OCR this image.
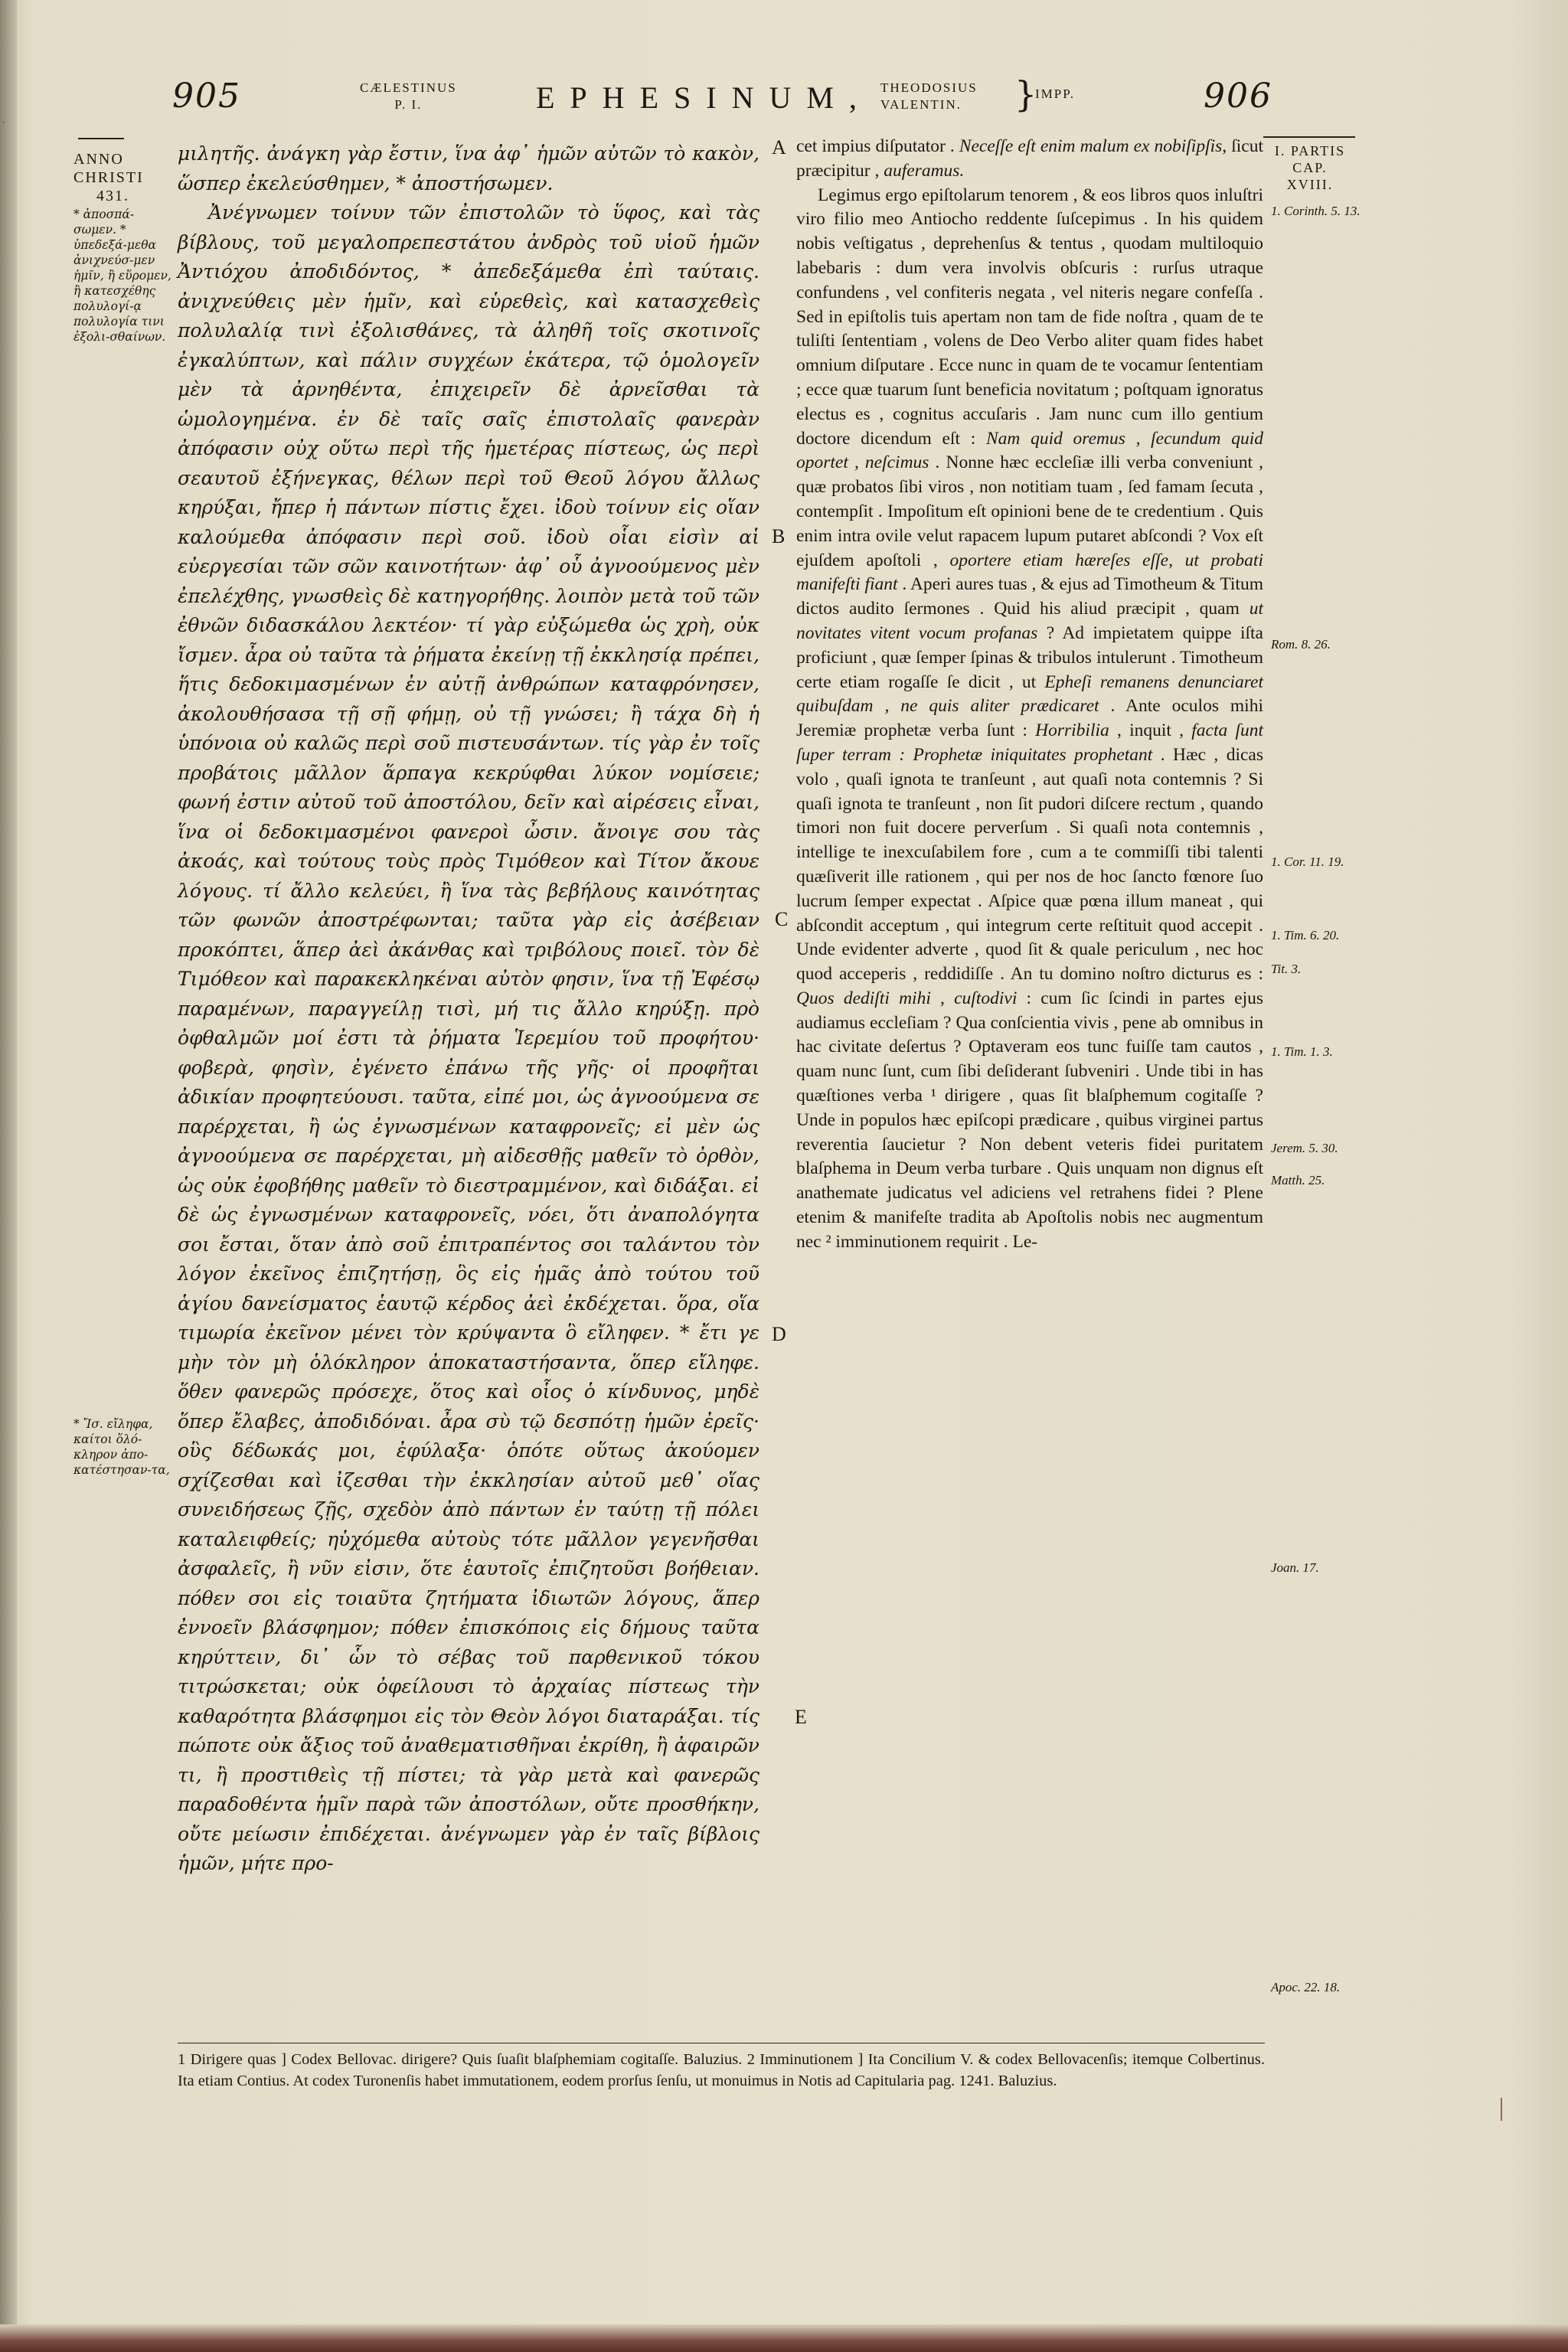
·
905	CÆLESTINUS
P. I.	EPHESINUM, THEODOSIUS
VALENTIN.	}
IMPP.	906
ANNO
CHRISTI
431.
* ἀποσπά-σωμεν. * ὑπεδεξά-μεθα ἀνιχνεύσ-μεν ἡμῖν, ἢ εὕρομεν, ἢ κατεσχέθης πολυλογί-ᾳ πολυλογία τινι ἐξολι-σθαίνων.
* Ἴσ. εἴληφα, καίτοι ὅλό-κληρον ἀπο-κατέστησαν-τα,

μιλητῆς. ἀνάγκη γὰρ ἔστιν, ἵνα ἀφ᾽ ἡμῶν αὐτῶν τὸ κακὸν, ὥσπερ ἐκελεύσθημεν, * ἀποστήσωμεν.

Ἀνέγνωμεν τοίνυν τῶν ἐπιστολῶν τὸ ὕφος, καὶ τὰς βίβλους, τοῦ μεγαλοπρεπεστάτου ἀνδρὸς τοῦ υἱοῦ ἡμῶν Ἀντιόχου ἀποδιδόντος, * ἀπεδεξάμεθα ἐπὶ ταύταις. ἀνιχνεύθεις μὲν ἡμῖν, καὶ εὑρεθεὶς, καὶ κατασχεθεὶς πολυλαλίᾳ τινὶ ἐξολισθάνες, τὰ ἀληθῆ τοῖς σκοτινοῖς ἐγκαλύπτων, καὶ πάλιν συγχέων ἑκάτερα, τῷ ὁμολογεῖν μὲν τὰ ἀρνηθέντα, ἐπιχειρεῖν δὲ ἀρνεῖσθαι τὰ ὡμολογημένα. ἐν δὲ ταῖς σαῖς ἐπιστολαῖς φανερὰν ἀπόφασιν οὐχ οὕτω περὶ τῆς ἡμετέρας πίστεως, ὡς περὶ σεαυτοῦ ἐξήνεγκας, θέλων περὶ τοῦ Θεοῦ λόγου ἄλλως κηρύξαι, ἤπερ ἡ πάντων πίστις ἔχει. ἰδοὺ τοίνυν εἰς οἵαν καλούμεθα ἀπόφασιν περὶ σοῦ. ἰδοὺ οἷαι εἰσὶν αἱ εὐεργεσίαι τῶν σῶν καινοτήτων· ἀφ᾽ οὗ ἀγνοούμενος μὲν ἐπελέχθης, γνωσθεὶς δὲ κατηγορήθης. λοιπὸν μετὰ τοῦ τῶν ἐθνῶν διδασκάλου λεκτέον· τί γὰρ εὐξώμεθα ὡς χρὴ, οὐκ ἴσμεν. ἆρα οὐ ταῦτα τὰ ῥήματα ἐκείνῃ τῇ ἐκκλησίᾳ πρέπει, ἥτις δεδοκιμασμένων ἐν αὐτῇ ἀνθρώπων καταφρόνησεν, ἀκολουθήσασα τῇ σῇ φήμῃ, οὐ τῇ γνώσει; ἢ τάχα δὴ ἡ ὑπόνοια οὐ καλῶς περὶ σοῦ πιστευσάντων. τίς γὰρ ἐν τοῖς προβάτοις μᾶλλον ἅρπαγα κεκρύφθαι λύκον νομίσειε; φωνή ἐστιν αὐτοῦ τοῦ ἀποστόλου, δεῖν καὶ αἱρέσεις εἶναι, ἵνα οἱ δεδοκιμασμένοι φανεροὶ ὦσιν. ἄνοιγε σου τὰς ἀκοάς, καὶ τούτους τοὺς πρὸς Τιμόθεον καὶ Τίτον ἄκουε λόγους. τί ἄλλο κελεύει, ἢ ἵνα τὰς βεβήλους καινότητας τῶν φωνῶν ἀποστρέφωνται; ταῦτα γὰρ εἰς ἀσέβειαν προκόπτει, ἅπερ ἀεὶ ἀκάνθας καὶ τριβόλους ποιεῖ. τὸν δὲ Τιμόθεον καὶ παρακεκληκέναι αὐτὸν φησιν, ἵνα τῇ Ἐφέσῳ παραμένων, παραγγείλῃ τισὶ, μή τις ἄλλο κηρύξῃ. πρὸ ὀφθαλμῶν μοί ἐστι τὰ ῥήματα Ἱερεμίου τοῦ προφήτου· φοβερὰ, φησὶν, ἐγένετο ἐπάνω τῆς γῆς· οἱ προφῆται ἀδικίαν προφητεύουσι. ταῦτα, εἰπέ μοι, ὡς ἀγνοούμενα σε παρέρχεται, ἢ ὡς ἐγνωσμένων καταφρονεῖς; εἰ μὲν ὡς ἀγνοούμενα σε παρέρχεται, μὴ αἰδεσθῇς μαθεῖν τὸ ὀρθὸν, ὡς οὐκ ἐφοβήθης μαθεῖν τὸ διεστραμμένον, καὶ διδάξαι. εἰ δὲ ὡς ἐγνωσμένων καταφρονεῖς, νόει, ὅτι ἀναπολόγητα σοι ἔσται, ὅταν ἀπὸ σοῦ ἐπιτραπέντος σοι ταλάντου τὸν λόγον ἐκεῖνος ἐπιζητήσῃ, ὃς εἰς ἡμᾶς ἀπὸ τούτου τοῦ ἁγίου δανείσματος ἑαυτῷ κέρδος ἀεὶ ἐκδέχεται. ὅρα, οἵα τιμωρία ἐκεῖνον μένει τὸν κρύψαντα ὃ εἴληφεν. * ἔτι γε μὴν τὸν μὴ ὁλόκληρον ἀποκαταστήσαντα, ὅπερ εἴληφε. ὅθεν φανερῶς πρόσεχε, ὅτος καὶ οἷος ὁ κίνδυνος, μηδὲ ὅπερ ἔλαβες, ἀποδιδόναι. ἆρα σὺ τῷ δεσπότῃ ἡμῶν ἐρεῖς· οὓς δέδωκάς μοι, ἐφύλαξα· ὁπότε οὕτως ἀκούομεν σχίζεσθαι καὶ ἰζεσθαι τὴν ἐκκλησίαν αὐτοῦ μεθ᾽ οἵας συνειδήσεως ζῇς, σχεδὸν ἀπὸ πάντων ἐν ταύτῃ τῇ πόλει καταλειφθείς; ηὐχόμεθα αὐτοὺς τότε μᾶλλον γεγενῆσθαι ἀσφαλεῖς, ἢ νῦν εἰσιν, ὅτε ἑαυτοῖς ἐπιζητοῦσι βοήθειαν. πόθεν σοι εἰς τοιαῦτα ζητήματα ἰδιωτῶν λόγους, ἅπερ ἐννοεῖν βλάσφημον; πόθεν ἐπισκόποις εἰς δήμους ταῦτα κηρύττειν, δι᾽ ὧν τὸ σέβας τοῦ παρθενικοῦ τόκου τιτρώσκεται; οὐκ ὀφείλουσι τὸ ἀρχαίας πίστεως τὴν καθαρότητα βλάσφημοι εἰς τὸν Θεὸν λόγοι διαταράξαι. τίς πώποτε οὐκ ἄξιος τοῦ ἀναθεματισθῆναι ἐκρίθη, ἢ ἀφαιρῶν τι, ἢ προστιθεὶς τῇ πίστει; τὰ γὰρ μετὰ καὶ φανερῶς παραδοθέντα ἡμῖν παρὰ τῶν ἀποστόλων, οὔτε προσθήκην, οὔτε μείωσιν ἐπιδέχεται. ἀνέγνωμεν γὰρ ἐν ταῖς βίβλοις ἡμῶν, μήτε προ-

A
B
C
D
E

cet impius diſputator . Neceſſe eſt enim malum ex nobiſipſis, ſicut præcipitur , auferamus.

Legimus ergo epiſtolarum tenorem , & eos libros quos inluſtri viro filio meo Antiocho reddente ſuſcepimus . In his quidem nobis veſtigatus , deprehenſus & tentus , quodam multiloquio labebaris : dum vera involvis obſcuris : rurſus utraque confundens , vel confiteris negata , vel niteris negare confeſſa . Sed in epiſtolis tuis apertam non tam de fide noſtra , quam de te tuliſti ſententiam , volens de Deo Verbo aliter quam fides habet omnium diſputare . Ecce nunc in quam de te vocamur ſententiam ; ecce quæ tuarum ſunt beneficia novitatum ; poſtquam ignoratus electus es , cognitus accuſaris . Jam nunc cum illo gentium doctore dicendum eſt : Nam quid oremus , ſecundum quid oportet , neſcimus . Nonne hæc eccleſiæ illi verba conveniunt , quæ probatos ſibi viros , non notitiam tuam , ſed famam ſecuta , contempſit . Impoſitum eſt opinioni bene de te credentium . Quis enim intra ovile velut rapacem lupum putaret abſcondi ? Vox eſt ejuſdem apoſtoli , oportere etiam hæreſes eſſe, ut probati manifeſti fiant . Aperi aures tuas , & ejus ad Timotheum & Titum dictos audito ſermones . Quid his aliud præcipit , quam ut novitates vitent vocum profanas ? Ad impietatem quippe iſta proficiunt , quæ ſemper ſpinas & tribulos intulerunt . Timotheum certe etiam rogaſſe ſe dicit , ut Epheſi remanens denunciaret quibuſdam , ne quis aliter prædicaret . Ante oculos mihi Jeremiæ prophetæ verba ſunt : Horribilia , inquit , facta ſunt ſuper terram : Prophetæ iniquitates prophetant . Hæc , dicas volo , quaſi ignota te tranſeunt , aut quaſi nota contemnis ? Si quaſi ignota te tranſeunt , non ſit pudori diſcere rectum , quando timori non fuit docere perverſum . Si quaſi nota contemnis , intellige te inexcuſabilem fore , cum a te commiſſi tibi talenti quæſiverit ille rationem , qui per nos de hoc ſancto fœnore ſuo lucrum ſemper expectat . Aſpice quæ pœna illum maneat , qui abſcondit acceptum , qui integrum certe reſtituit quod accepit . Unde evidenter adverte , quod ſit & quale periculum , nec hoc quod acceperis , reddidiſſe . An tu domino noſtro dicturus es : Quos dediſti mihi , cuſtodivi : cum ſic ſcindi in partes ejus audiamus eccleſiam ? Qua conſcientia vivis , pene ab omnibus in hac civitate deſertus ? Optaveram eos tunc fuiſſe tam cautos , quam nunc ſunt, cum ſibi deſiderant ſubveniri . Unde tibi in has quæſtiones verba ¹ dirigere , quas ſit blaſphemum cogitaſſe ? Unde in populos hæc epiſcopi prædicare , quibus virginei partus reverentia ſaucietur ? Non debent veteris fidei puritatem blaſphema in Deum verba turbare . Quis unquam non dignus eſt anathemate judicatus vel adiciens vel retrahens fidei ? Plene etenim & manifeſte tradita ab Apoſtolis nobis nec augmentum nec ² imminutionem requirit . Le-

I. PARTIS
CAP.
XVIII.
1. Corinth. 5. 13.
Rom. 8. 26.
1. Cor. 11. 19.
1. Tim. 6. 20.
Tit. 3.
1. Tim. 1. 3.
Jerem. 5. 30.
Matth. 25.
Joan. 17.
Apoc. 22. 18.
1 Dirigere quas ] Codex Bellovac. dirigere? Quis ſuaſit blaſphemiam cogitaſſe. Baluzius. 2 Imminutionem ] Ita Concilium V. & codex Bellovacenſis; itemque Colbertinus. Ita etiam Contius. At codex Turonenſis habet immutationem, eodem prorſus ſenſu, ut monuimus in Notis ad Capitularia pag. 1241. Baluzius.
